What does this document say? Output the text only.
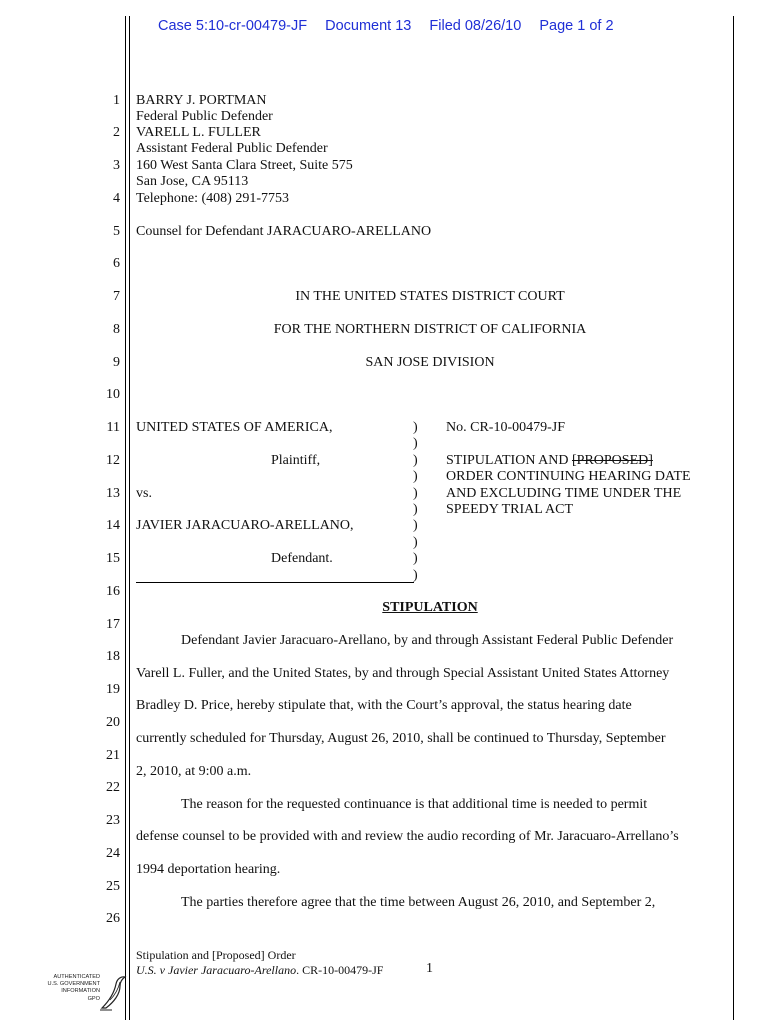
Case 5:10-cr-00479-JF Document 13 Filed 08/26/10 Page 1 of 2
1
2
3
4
5
6
7
8
9
10
11
12
13
14
15
16
17
18
19
20
21
22
23
24
25
26
BARRY J. PORTMAN
Federal Public Defender
VARELL L. FULLER
Assistant Federal Public Defender
160 West Santa Clara Street, Suite 575
San Jose, CA 95113
Telephone: (408) 291-7753
Counsel for Defendant JARACUARO-ARELLANO
IN THE UNITED STATES DISTRICT COURT
FOR THE NORTHERN DISTRICT OF CALIFORNIA
SAN JOSE DIVISION
UNITED STATES OF AMERICA,
Plaintiff,
vs.
JAVIER JARACUARO-ARELLANO,
Defendant.
)
)
)
)
)
)
)
)
)
)
No. CR-10-00479-JF
STIPULATION AND [PROPOSED]
ORDER CONTINUING HEARING DATE
AND EXCLUDING TIME UNDER THE
SPEEDY TRIAL ACT
STIPULATION
Defendant Javier Jaracuaro-Arellano, by and through Assistant Federal Public Defender
Varell L. Fuller, and the United States, by and through Special Assistant United States Attorney
Bradley D. Price, hereby stipulate that, with the Court’s approval, the status hearing date
currently scheduled for Thursday, August 26, 2010, shall be continued to Thursday, September
2, 2010, at 9:00 a.m.
The reason for the requested continuance is that additional time is needed to permit
defense counsel to be provided with and review the audio recording of Mr. Jaracuaro-Arrellano’s
1994 deportation hearing.
The parties therefore agree that the time between August 26, 2010, and September 2,
Stipulation and [Proposed] Order
U.S. v Javier Jaracuaro-Arellano. CR-10-00479-JF	1
AUTHENTICATED
U.S. GOVERNMENT
INFORMATION
GPO
